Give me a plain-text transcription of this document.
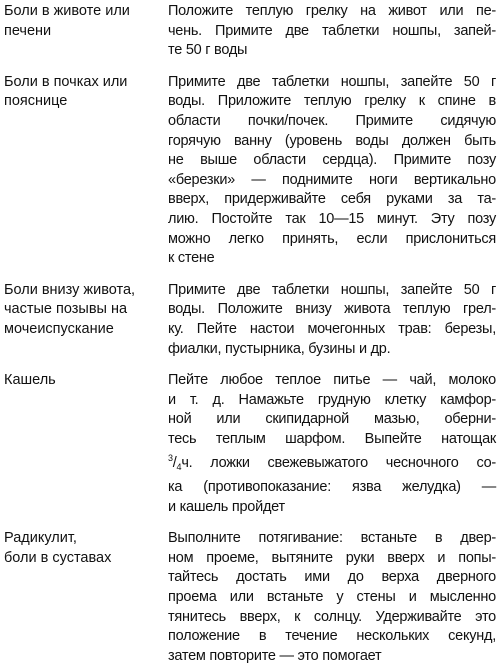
Боли в животе или
печени
Положите теплую грелку на живот или пе-
чень. Примите две таблетки ношпы, запей-
те 50 г воды
Боли в почках или
пояснице
Примите две таблетки ношпы, запейте 50 г
воды. Приложите теплую грелку к спине в
области почки/почек. Примите сидячую
горячую ванну (уровень воды должен быть
не выше области сердца). Примите позу
«березки» — поднимите ноги вертикально
вверх, придерживайте себя руками за та-
лию. Постойте так 10—15 минут. Эту позу
можно легко принять, если прислониться
к стене
Боли внизу живота,
частые позывы на
мочеиспускание
Примите две таблетки ношпы, запейте 50 г
воды. Положите внизу живота теплую грел-
ку. Пейте настои мочегонных трав: березы,
фиалки, пустырника, бузины и др.
Кашель	Пейте любое теплое питье — чай, молоко
и т. д. Намажьте грудную клетку камфор-
ной или скипидарной мазью, оберни-
тесь теплым шарфом. Выпейте натощак
$^3/_4ч$. ложки свежевыжатого чесночного со-
ка (противопоказание: язва желудка) —
и кашель пройдет
Радикулит,
боли в суставах
Выполните потягивание: встаньте в двер-
ном проеме, вытяните руки вверх и попы-
тайтесь достать ими до верха дверного
проема или встаньте у стены и мысленно
тянитесь вверх, к солнцу. Удерживайте это
положение в течение нескольких секунд,
затем повторите — это помогает
